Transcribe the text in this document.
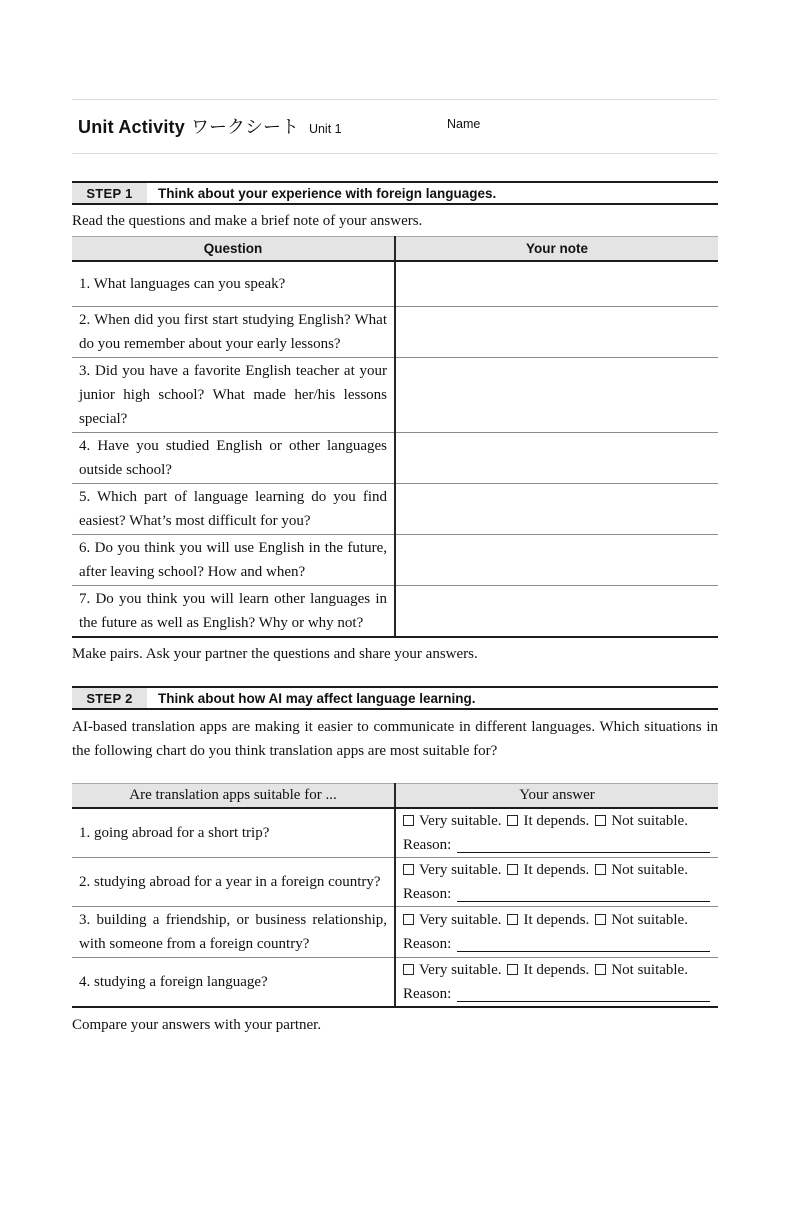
Unit Activity ワークシート Unit 1	Name
STEP 1	Think about your experience with foreign languages.

Read the questions and make a brief note of your answers.

Question	Your note
1. What languages can you speak?	
2. When did you first start studying English? What do you remember about your early lessons?	
3. Did you have a favorite English teacher at your junior high school? What made her/his lessons special?	
4. Have you studied English or other languages outside school?	
5. Which part of language learning do you find easiest? What’s most difficult for you?	
6. Do you think you will use English in the future, after leaving school? How and when?	
7. Do you think you will learn other languages in the future as well as English? Why or why not?	

Make pairs. Ask your partner the questions and share your answers.

STEP 2	Think about how AI may affect language learning.

AI-based translation apps are making it easier to communicate in different languages. Which situations in the following chart do you think translation apps are most suitable for?

Are translation apps suitable for ...	Your answer
1. going abroad for a short trip?	Very suitable. It depends. Not suitable.
Reason:

2. studying abroad for a year in a foreign country?	Very suitable. It depends. Not suitable.
Reason:

3. building a friendship, or business relationship, with someone from a foreign country?	Very suitable. It depends. Not suitable.
Reason:

4. studying a foreign language?	Very suitable. It depends. Not suitable.
Reason:

Compare your answers with your partner.
